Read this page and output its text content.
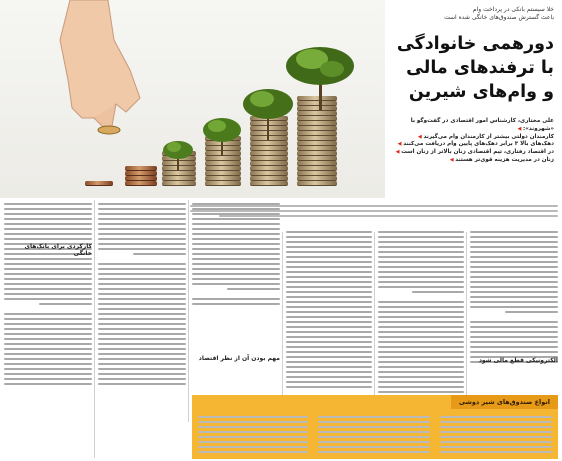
خلا سیستم بانکی در پرداخت وام
باعث گسترش صندوق‌های خانگی شده است
دورهمی خانوادگی
با ترفندهای مالی
و وام‌های شیرین
علی مختاری، کارشناس امور اقتصادی در گفت‌وگو با «شهروند»: ◀
کارمندان دولتی بیشتر از کارمندان وام می‌گیرند ◀
دهک‌های بالا ۳ برابر دهک‌های پایین وام دریافت می‌کنند ◀
در اقتصاد رفتاری، تیم اقتصادی زنان بالاتر از زنان است ◀
زنان در مدیریت هزینه قوی‌تر هستند ◀
انواع صندوق‌های شیر دوشی
الکترونیکی قطع مالی شود
مهم بودن آن از نظر اقتصاد
کارکردی برای بانک‌های خانگی
